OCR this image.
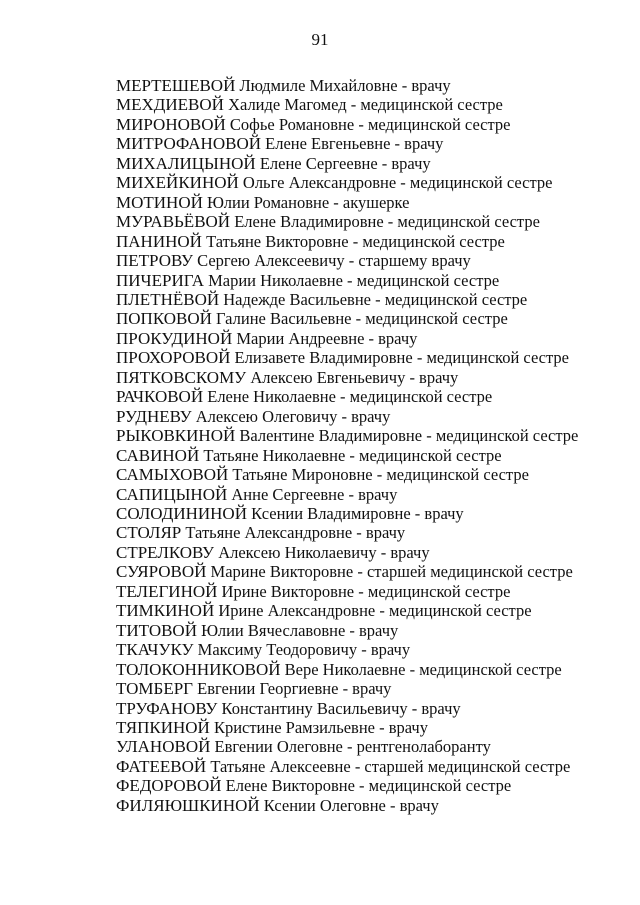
91
МЕРТЕШЕВОЙ Людмиле Михайловне - врачу
МЕХДИЕВОЙ Халиде Магомед - медицинской сестре
МИРОНОВОЙ Софье Романовне - медицинской сестре
МИТРОФАНОВОЙ Елене Евгеньевне - врачу
МИХАЛИЦЫНОЙ Елене Сергеевне - врачу
МИХЕЙКИНОЙ Ольге Александровне - медицинской сестре
МОТИНОЙ Юлии Романовне - акушерке
МУРАВЬЁВОЙ Елене Владимировне - медицинской сестре
ПАНИНОЙ Татьяне Викторовне - медицинской сестре
ПЕТРОВУ Сергею Алексеевичу - старшему врачу
ПИЧЕРИГА Марии Николаевне - медицинской сестре
ПЛЕТНЁВОЙ Надежде Васильевне - медицинской сестре
ПОПКОВОЙ Галине Васильевне - медицинской сестре
ПРОКУДИНОЙ Марии Андреевне - врачу
ПРОХОРОВОЙ Елизавете Владимировне - медицинской сестре
ПЯТКОВСКОМУ Алексею Евгеньевичу - врачу
РАЧКОВОЙ Елене Николаевне - медицинской сестре
РУДНЕВУ Алексею Олеговичу - врачу
РЫКОВКИНОЙ Валентине Владимировне - медицинской сестре
САВИНОЙ Татьяне Николаевне - медицинской сестре
САМЫХОВОЙ Татьяне Мироновне - медицинской сестре
САПИЦЫНОЙ Анне Сергеевне - врачу
СОЛОДИНИНОЙ Ксении Владимировне - врачу
СТОЛЯР Татьяне Александровне - врачу
СТРЕЛКОВУ Алексею Николаевичу - врачу
СУЯРОВОЙ Марине Викторовне - старшей медицинской сестре
ТЕЛЕГИНОЙ Ирине Викторовне - медицинской сестре
ТИМКИНОЙ Ирине Александровне - медицинской сестре
ТИТОВОЙ Юлии Вячеславовне - врачу
ТКАЧУКУ Максиму Теодоровичу - врачу
ТОЛОКОННИКОВОЙ Вере Николаевне - медицинской сестре
ТОМБЕРГ Евгении Георгиевне - врачу
ТРУФАНОВУ Константину Васильевичу - врачу
ТЯПКИНОЙ Кристине Рамзильевне - врачу
УЛАНОВОЙ Евгении Олеговне - рентгенолаборанту
ФАТЕЕВОЙ Татьяне Алексеевне - старшей медицинской сестре
ФЕДОРОВОЙ Елене Викторовне - медицинской сестре
ФИЛЯЮШКИНОЙ Ксении Олеговне - врачу
